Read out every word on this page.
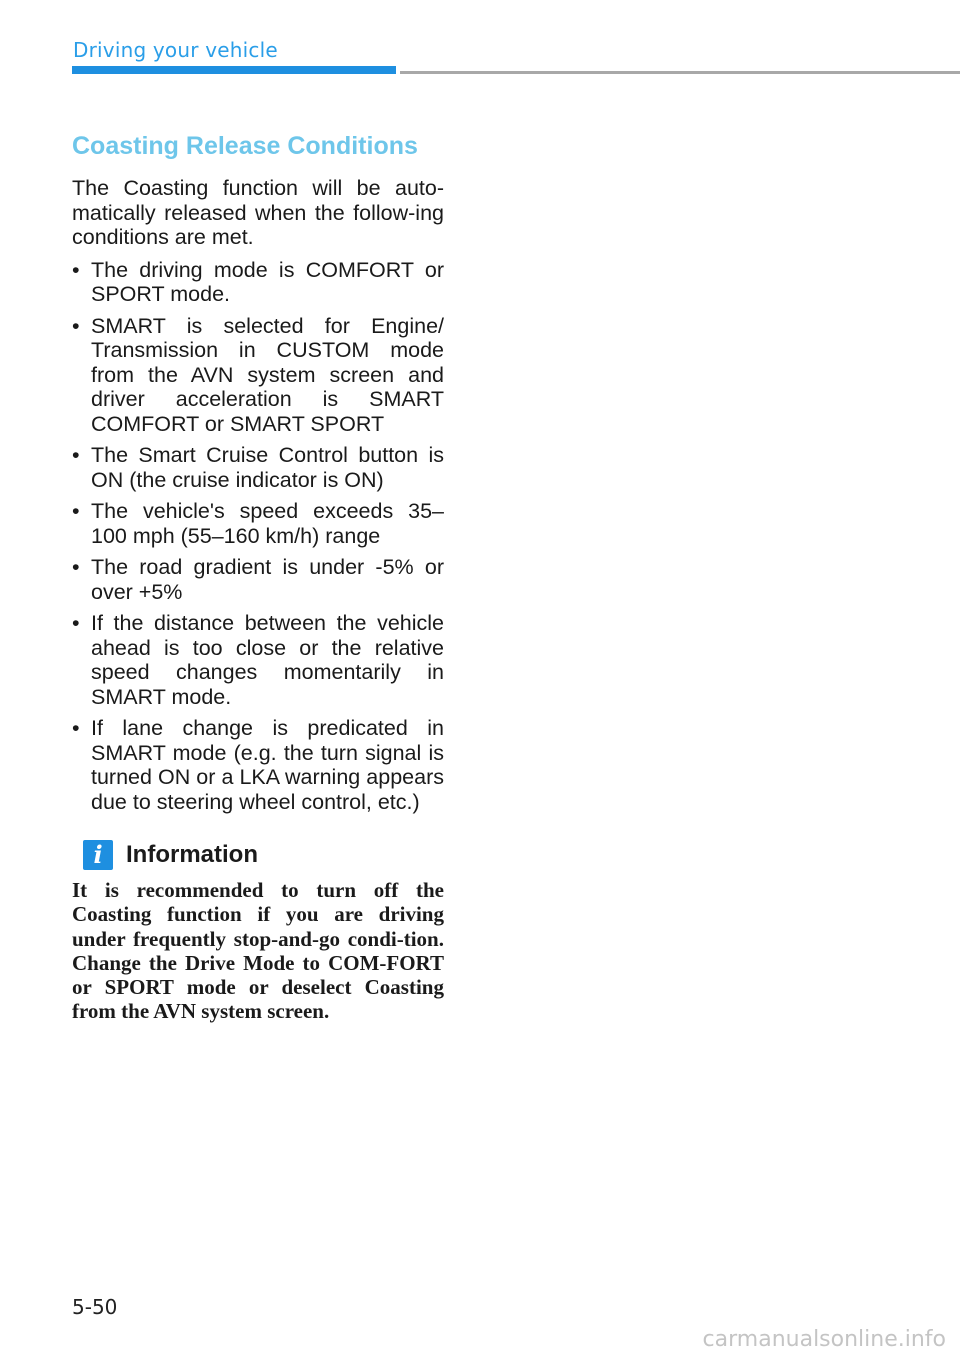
Driving your vehicle
Coasting Release Conditions

The Coasting function will be auto-matically released when the follow-ing conditions are met.

• The driving mode is COMFORT or SPORT mode.
• SMART is selected for Engine/ Transmission in CUSTOM mode from the AVN system screen and driver acceleration is SMART COMFORT or SMART SPORT
• The Smart Cruise Control button is ON (the cruise indicator is ON)
• The vehicle's speed exceeds 35–100 mph (55–160 km/h) range
• The road gradient is under -5% or over +5%
• If the distance between the vehicle ahead is too close or the relative speed changes momentarily in SMART mode.
• If lane change is predicated in SMART mode (e.g. the turn signal is turned ON or a LKA warning appears due to steering wheel control, etc.)
i Information

It is recommended to turn off the Coasting function if you are driving under frequently stop-and-go condi-tion. Change the Drive Mode to COM-FORT or SPORT mode or deselect Coasting from the AVN system screen.

5-50
carmanualsonline.info
